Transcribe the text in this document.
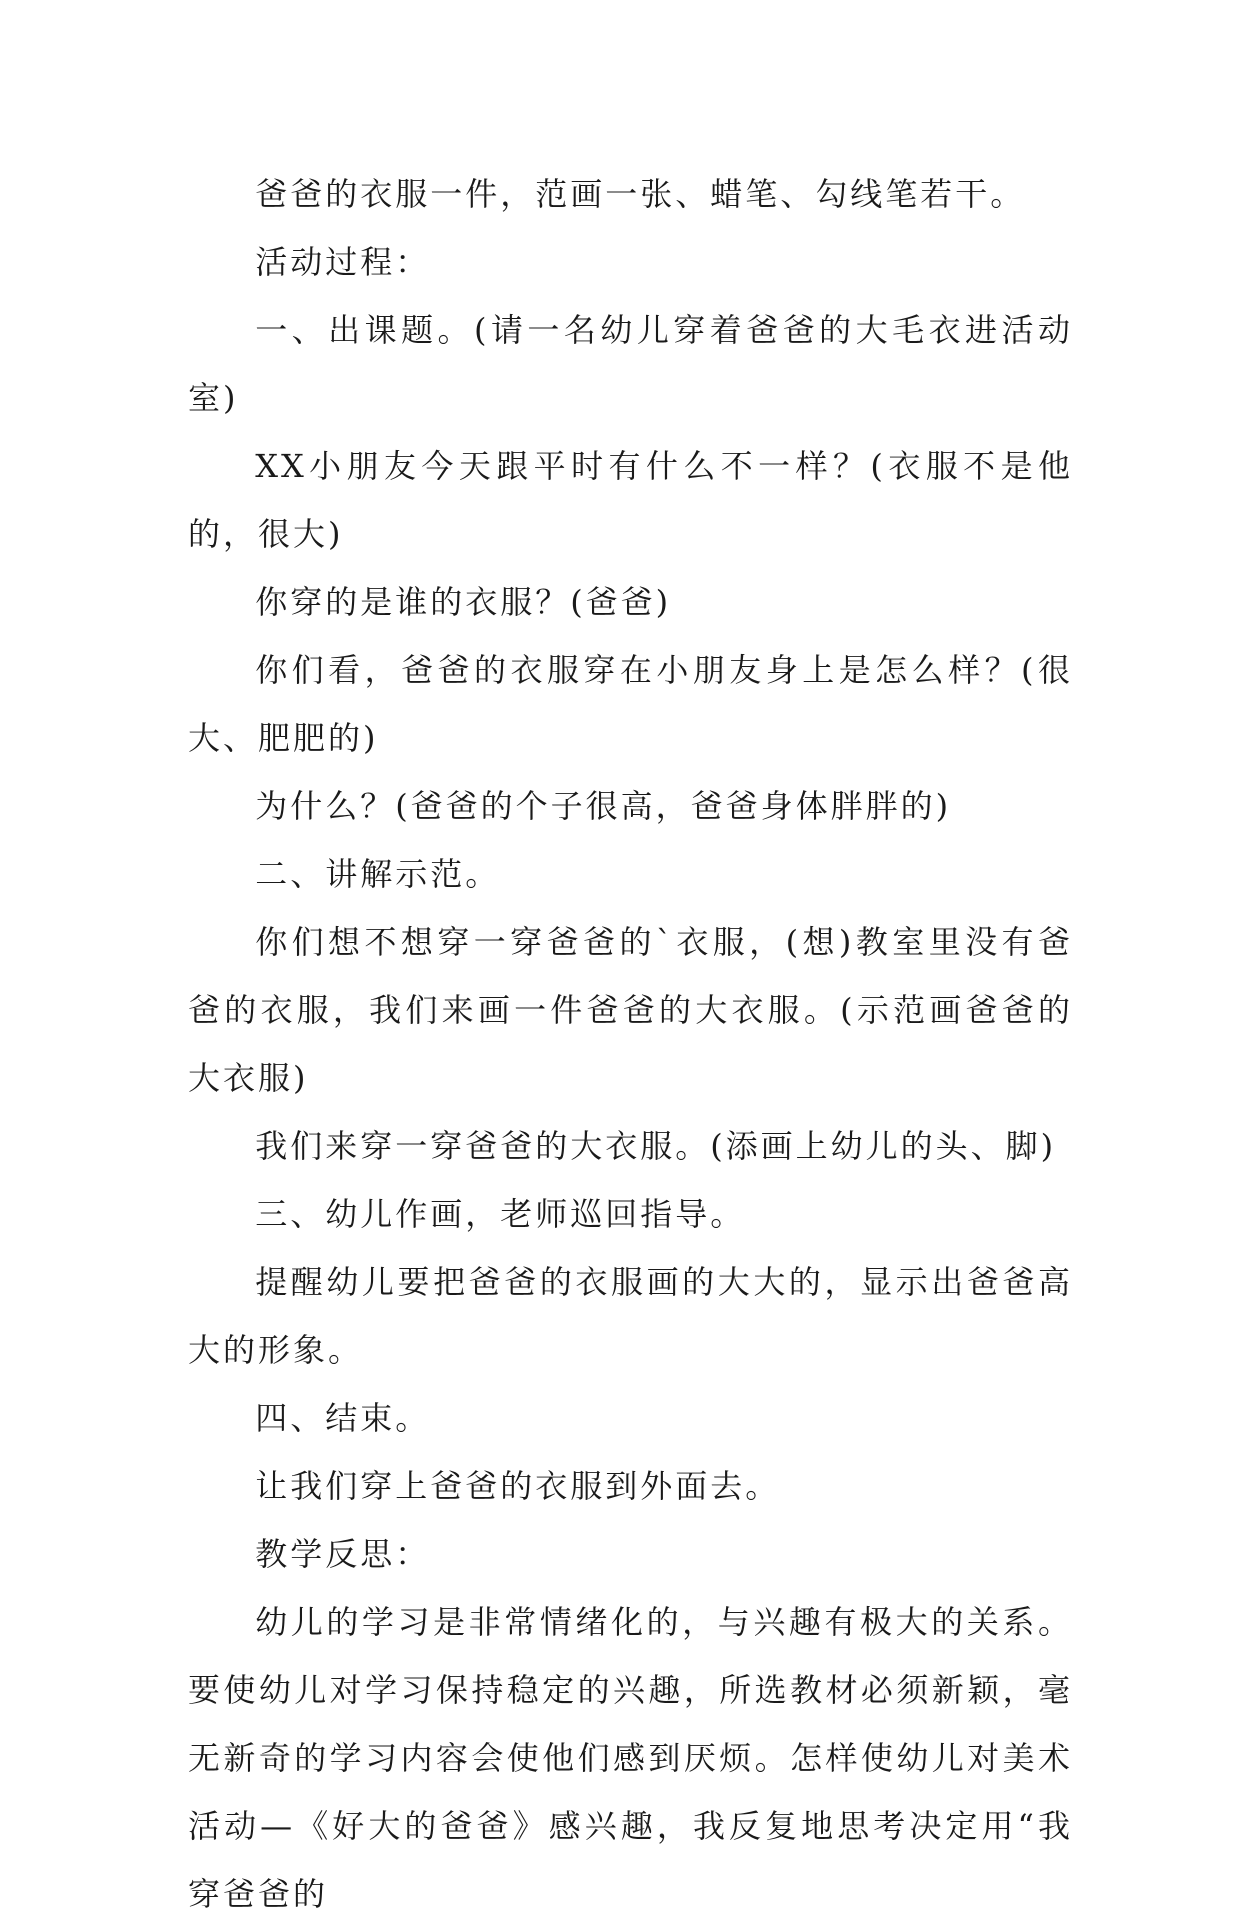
爸爸的衣服一件，范画一张、蜡笔、勾线笔若干。

活动过程：

一、出课题。(请一名幼儿穿着爸爸的大毛衣进活动室)

XX小朋友今天跟平时有什么不一样？(衣服不是他的，很大)

你穿的是谁的衣服？(爸爸)

你们看，爸爸的衣服穿在小朋友身上是怎么样？(很大、肥肥的)

为什么？(爸爸的个子很高，爸爸身体胖胖的)

二、讲解示范。

你们想不想穿一穿爸爸的`衣服，(想)教室里没有爸爸的衣服，我们来画一件爸爸的大衣服。(示范画爸爸的大衣服)

我们来穿一穿爸爸的大衣服。(添画上幼儿的头、脚)

三、幼儿作画，老师巡回指导。

提醒幼儿要把爸爸的衣服画的大大的，显示出爸爸高大的形象。

四、结束。

让我们穿上爸爸的衣服到外面去。

教学反思：

幼儿的学习是非常情绪化的，与兴趣有极大的关系。要使幼儿对学习保持稳定的兴趣，所选教材必须新颖，毫无新奇的学习内容会使他们感到厌烦。怎样使幼儿对美术活动—《好大的爸爸》感兴趣，我反复地思考决定用“我穿爸爸的
